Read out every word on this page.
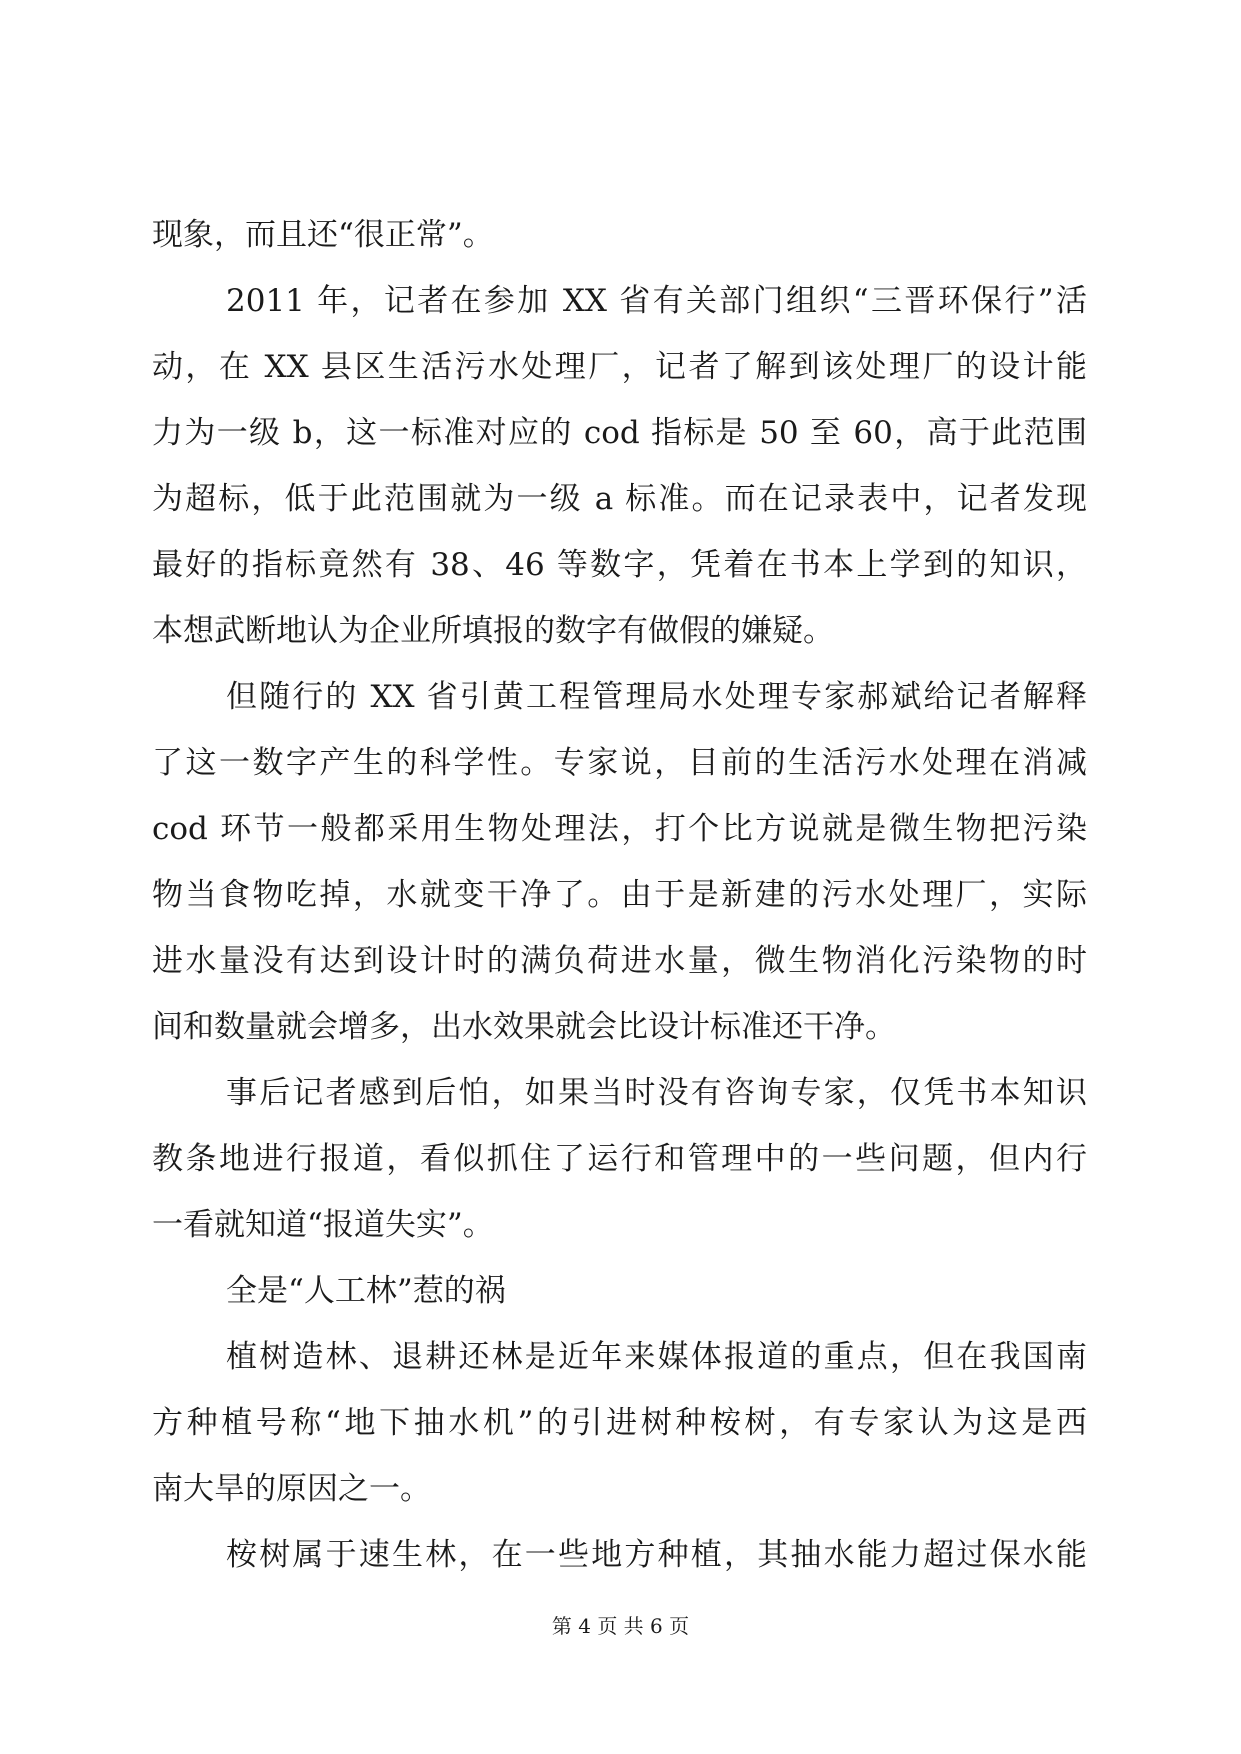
现象，而且还“很正常”。
2011 年，记者在参加 XX 省有关部门组织“三晋环保行”活
动，在 XX 县区生活污水处理厂，记者了解到该处理厂的设计能
力为一级 b，这一标准对应的 cod 指标是 50 至 60，高于此范围
为超标，低于此范围就为一级 a 标准。而在记录表中，记者发现
最好的指标竟然有 38、46 等数字，凭着在书本上学到的知识，
本想武断地认为企业所填报的数字有做假的嫌疑。
但随行的 XX 省引黄工程管理局水处理专家郝斌给记者解释
了这一数字产生的科学性。专家说，目前的生活污水处理在消减
cod 环节一般都采用生物处理法，打个比方说就是微生物把污染
物当食物吃掉，水就变干净了。由于是新建的污水处理厂，实际
进水量没有达到设计时的满负荷进水量，微生物消化污染物的时
间和数量就会增多，出水效果就会比设计标准还干净。
事后记者感到后怕，如果当时没有咨询专家，仅凭书本知识
教条地进行报道，看似抓住了运行和管理中的一些问题，但内行
一看就知道“报道失实”。
全是“人工林”惹的祸
植树造林、退耕还林是近年来媒体报道的重点，但在我国南
方种植号称“地下抽水机”的引进树种桉树，有专家认为这是西
南大旱的原因之一。
桉树属于速生林，在一些地方种植，其抽水能力超过保水能
第 4 页 共 6 页
